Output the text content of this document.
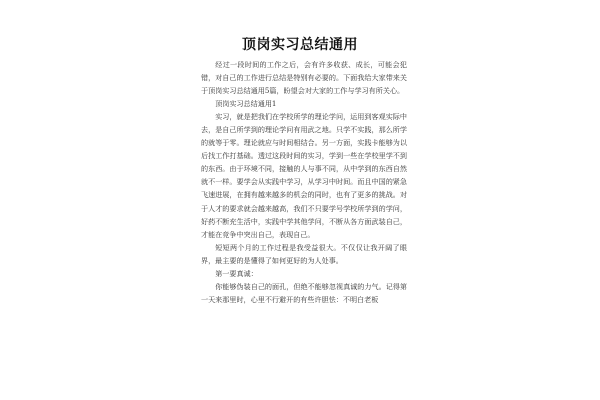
顶岗实习总结通用

经过一段时间的工作之后，会有许多收获、成长，可能会犯错，对自己的工作进行总结是特别有必要的。下面我给大家带来关于顶岗实习总结通用5篇，盼望会对大家的工作与学习有所关心。

顶岗实习总结通用1

实习，就是把我们在学校所学的理论学问，运用到客观实际中去，是自己所学到的理论学问有用武之地。只学不实践，那么所学的就等于零。理论就应与时间相结合。另一方面，实践卡能够为以后找工作打基础。透过这段时间的实习，学到一些在学校里学不到的东西。由于环境不同，接触的人与事不同，从中学到的东西自然就不一样。要学会从实践中学习，从学习中时间。而且中国的紧急飞速进展，在拥有越来越多的机会的同时，也有了更多的挑战。对于人才的要求就会越来越高，我们不只要学号学校所学到的学问，好药不断充生活中，实践中学其他学问，不断从各方面武装自己，才能在竞争中突出自己，表现自己。

短短两个月的工作过程是我受益很大。不仅仅让我开阔了眼界，最主要的是懂得了如何更好的为人处事。

第一要真诚：

你能够伪装自己的面孔，但绝不能够忽视真诚的力气。记得第一天来那里时，心里不行避开的有些许胆怯：不明白老板
